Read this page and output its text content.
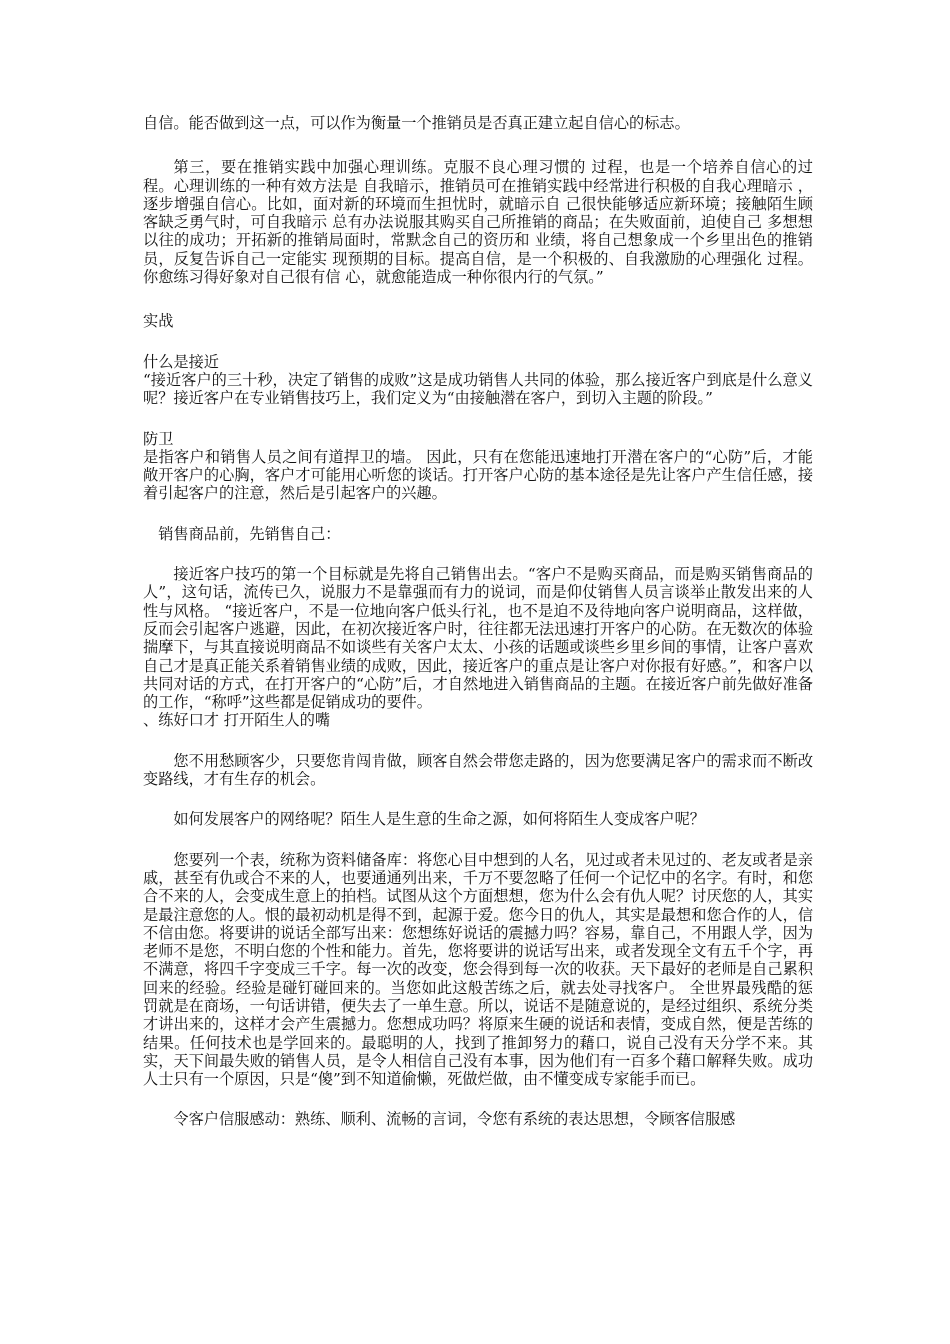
自信。能否做到这一点，可以作为衡量一个推销员是否真正建立起自信心的标志。

第三，要在推销实践中加强心理训练。克服不良心理习惯的 过程，也是一个培养自信心的过程。心理训练的一种有效方法是 自我暗示，推销员可在推销实践中经常进行积极的自我心理暗示 ，逐步增强自信心。比如，面对新的环境而生担忧时，就暗示自 己很快能够适应新环境；接触陌生顾客缺乏勇气时，可自我暗示 总有办法说服其购买自己所推销的商品；在失败面前，迫使自己 多想想以往的成功；开拓新的推销局面时，常默念自己的资历和 业绩，将自己想象成一个乡里出色的推销员，反复告诉自己一定能实 现预期的目标。提高自信，是一个积极的、自我激励的心理强化 过程。你愈练习得好象对自己很有信 心，就愈能造成一种你很内行的气氛。”

实战

什么是接近

“接近客户的三十秒，决定了销售的成败”这是成功销售人共同的体验，那么接近客户到底是什么意义呢？接近客户在专业销售技巧上，我们定义为“由接触潜在客户，到切入主题的阶段。”

防卫

是指客户和销售人员之间有道捍卫的墙。 因此，只有在您能迅速地打开潜在客户的“心防”后，才能敞开客户的心胸，客户才可能用心听您的谈话。打开客户心防的基本途径是先让客户产生信任感，接着引起客户的注意，然后是引起客户的兴趣。

销售商品前，先销售自己：

接近客户技巧的第一个目标就是先将自己销售出去。“客户不是购买商品，而是购买销售商品的人”，这句话，流传已久，说服力不是靠强而有力的说词，而是仰仗销售人员言谈举止散发出来的人性与风格。 “接近客户，不是一位地向客户低头行礼，也不是迫不及待地向客户说明商品，这样做，反而会引起客户逃避，因此，在初次接近客户时，往往都无法迅速打开客户的心防。在无数次的体验揣摩下，与其直接说明商品不如谈些有关客户太太、小孩的话题或谈些乡里乡间的事情，让客户喜欢自己才是真正能关系着销售业绩的成败，因此，接近客户的重点是让客户对你报有好感。”，和客户以共同对话的方式，在打开客户的“心防”后，才自然地进入销售商品的主题。在接近客户前先做好准备的工作，“称呼”这些都是促销成功的要件。

、练好口才 打开陌生人的嘴

您不用愁顾客少，只要您肯闯肯做，顾客自然会带您走路的，因为您要满足客户的需求而不断改变路线，才有生存的机会。

如何发展客户的网络呢？陌生人是生意的生命之源，如何将陌生人变成客户呢？

您要列一个表，统称为资料储备库：将您心目中想到的人名，见过或者未见过的、老友或者是亲戚，甚至有仇或合不来的人，也要通通列出来，千万不要忽略了任何一个记忆中的名字。有时，和您合不来的人，会变成生意上的拍档。试图从这个方面想想，您为什么会有仇人呢？讨厌您的人，其实是最注意您的人。恨的最初动机是得不到，起源于爱。您今日的仇人，其实是最想和您合作的人，信不信由您。将要讲的说话全部写出来：您想练好说话的震撼力吗？容易，靠自己，不用跟人学，因为老师不是您，不明白您的个性和能力。首先，您将要讲的说话写出来，或者发现全文有五千个字，再不满意，将四千字变成三千字。每一次的改变，您会得到每一次的收获。天下最好的老师是自己累积回来的经验。经验是碰钉碰回来的。当您如此这般苦练之后，就去处寻找客户。 全世界最残酷的惩罚就是在商场，一句话讲错，便失去了一单生意。所以，说话不是随意说的，是经过组织、系统分类才讲出来的，这样才会产生震撼力。您想成功吗？将原来生硬的说话和表情，变成自然，便是苦练的结果。任何技术也是学回来的。最聪明的人，找到了推卸努力的藉口，说自己没有天分学不来。其实，天下间最失败的销售人员，是令人相信自己没有本事，因为他们有一百多个藉口解释失败。成功人士只有一个原因，只是“傻”到不知道偷懒，死做烂做，由不懂变成专家能手而已。

令客户信服感动：熟练、顺利、流畅的言词，令您有系统的表达思想，令顾客信服感
